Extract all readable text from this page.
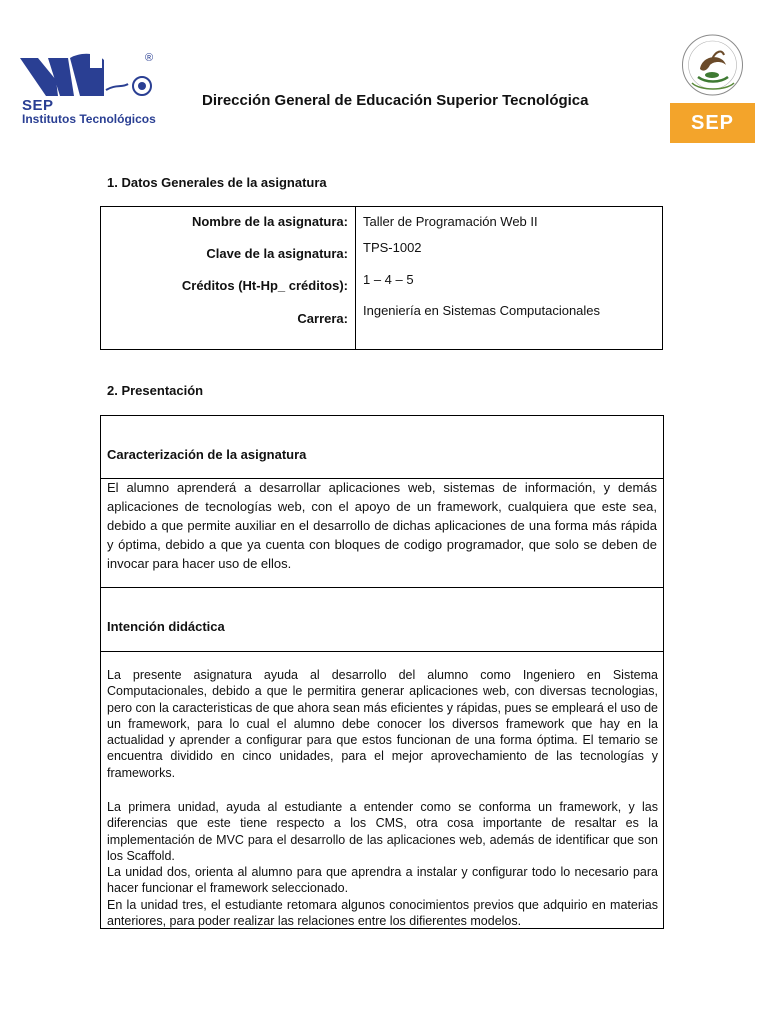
®
SEP
Institutos Tecnológicos
Dirección General de Educación Superior Tecnológica
SEP
1. Datos Generales de la asignatura
Nombre de la asignatura: Taller de Programación Web II
Clave de la asignatura: TPS-1002
Créditos (Ht-Hp_ créditos): 1 – 4 – 5
Carrera:
Ingeniería en Sistemas Computacionales
2. Presentación
Caracterización de la asignatura
El alumno aprenderá a desarrollar aplicaciones web, sistemas de información, y demás aplicaciones de tecnologías web, con el apoyo de un framework, cualquiera que este sea, debido a que permite auxiliar en el desarrollo de dichas aplicaciones de una forma más rápida y óptima, debido a que ya cuenta con bloques de codigo programador, que solo se deben de invocar para hacer uso de ellos.
Intención didáctica
La presente asignatura ayuda al desarrollo del alumno como Ingeniero en Sistema Computacionales, debido a que le permitira generar aplicaciones web, con diversas tecnologias, pero con la caracteristicas de que ahora sean más eficientes y rápidas, pues se empleará el uso de un framework, para lo cual el alumno debe conocer los diversos framework que hay en la actualidad y aprender a configurar para que estos funcionan de una forma óptima. El temario se encuentra dividido en cinco unidades, para el mejor aprovechamiento de las tecnologías y frameworks.

La primera unidad, ayuda al estudiante a entender como se conforma un framework, y las diferencias que este tiene respecto a los CMS, otra cosa importante de resaltar es la implementación de MVC para el desarrollo de las aplicaciones web, además de identificar que son los Scaffold.

La unidad dos, orienta al alumno para que aprendra a instalar y configurar todo lo necesario para hacer funcionar el framework seleccionado.

En la unidad tres, el estudiante retomara algunos conocimientos previos que adquirio en materias anteriores, para poder realizar las relaciones entre los difierentes modelos.
